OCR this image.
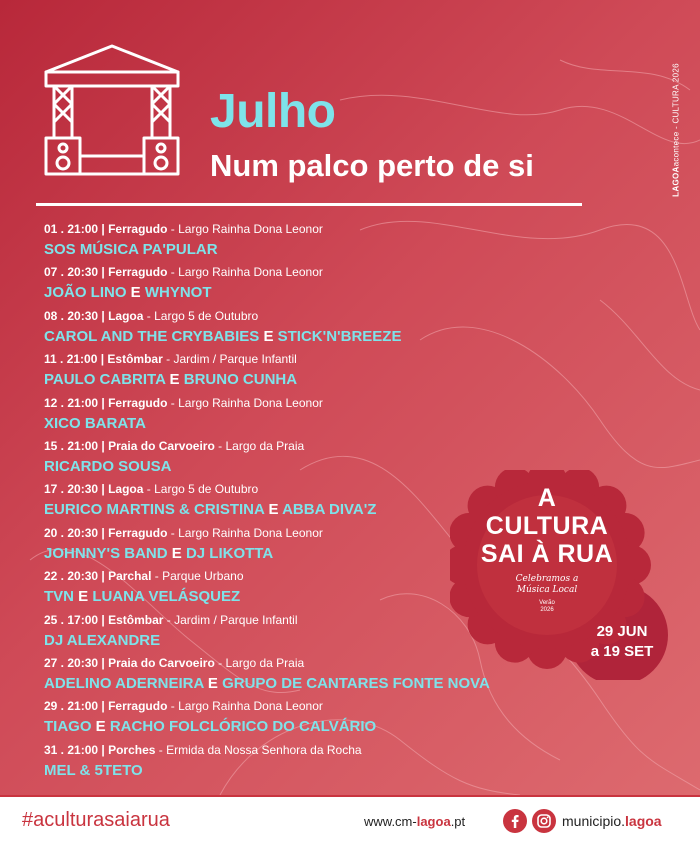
Julho
Num palco perto de si	LAGOAacontece - CULTURA 2026
01 . 21:00 | Ferragudo - Largo Rainha Dona Leonor
SOS MÚSICA PA'PULAR
07 . 20:30 | Ferragudo - Largo Rainha Dona Leonor
JOÃO LINO E WHYNOT
08 . 20:30 | Lagoa - Largo 5 de Outubro
CAROL AND THE CRYBABIES E STICK'N'BREEZE
11 . 21:00 | Estômbar - Jardim / Parque Infantil
PAULO CABRITA E BRUNO CUNHA
12 . 21:00 | Ferragudo - Largo Rainha Dona Leonor
XICO BARATA
15 . 21:00 | Praia do Carvoeiro - Largo da Praia
RICARDO SOUSA
17 . 20:30 | Lagoa - Largo 5 de Outubro
EURICO MARTINS & CRISTINA E ABBA DIVA'Z
20 . 20:30 | Ferragudo - Largo Rainha Dona Leonor
JOHNNY'S BAND E DJ LIKOTTA
22 . 20:30 | Parchal - Parque Urbano
TVN E LUANA VELÁSQUEZ
25 . 17:00 | Estômbar - Jardim / Parque Infantil
DJ ALEXANDRE
27 . 20:30 | Praia do Carvoeiro - Largo da Praia
ADELINO ADERNEIRA E GRUPO DE CANTARES FONTE NOVA
29 . 21:00 | Ferragudo - Largo Rainha Dona Leonor
TIAGO E RACHO FOLCLÓRICO DO CALVÁRIO
31 . 21:00 | Porches - Ermida da Nossa Senhora da Rocha
MEL & 5TETO
A
CULTURA
SAI À RUA
Celebramos a
Música Local
Verão
2026
29 JUN
a 19 SET
#aculturasaiarua	www.cm-lagoa.pt	municipio.lagoa
